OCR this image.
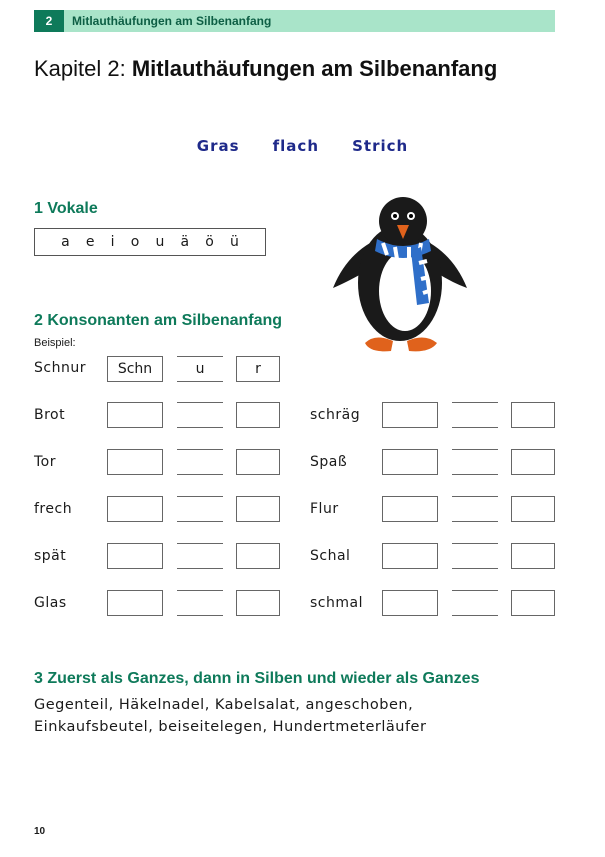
2	Mitlauthäufungen am Silbenanfang
Kapitel 2: Mitlauthäufungen am Silbenanfang
Gras flach Strich
1 Vokale
a e i o u ä ö ü
2 Konsonanten am Silbenanfang
Beispiel:
Schnur	Schn	u	r
Brot
Tor
frech
spät
Glas
schräg
Spaß
Flur
Schal
schmal
3 Zuerst als Ganzes, dann in Silben und wieder als Ganzes
Gegenteil, Häkelnadel, Kabelsalat, angeschoben,
Einkaufsbeutel, beiseitelegen, Hundertmeterläufer
10
